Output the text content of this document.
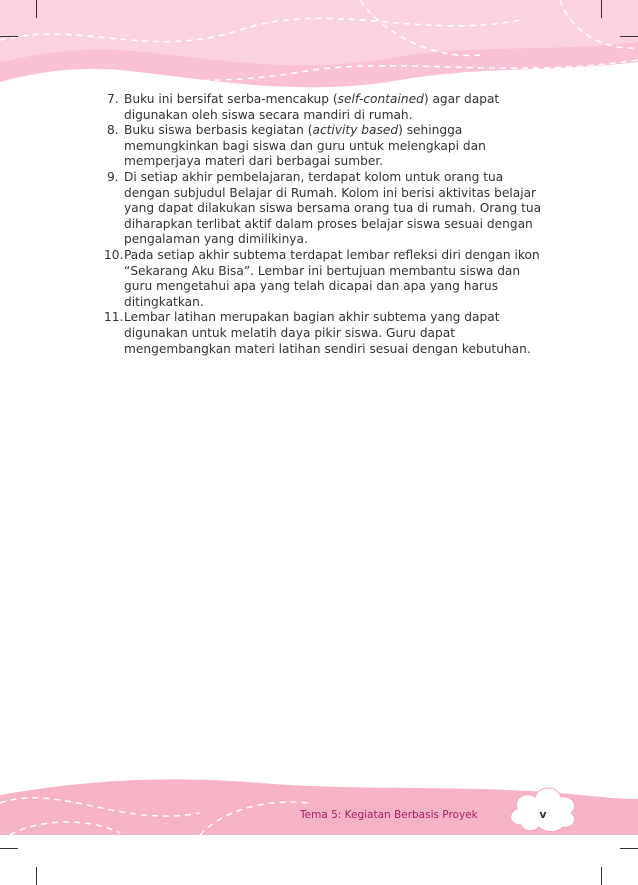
7. Buku ini bersifat serba-mencakup (self-contained) agar dapat digunakan oleh siswa secara mandiri di rumah.

8. Buku siswa berbasis kegiatan (activity based) sehingga memungkinkan bagi siswa dan guru untuk melengkapi dan memperjaya materi dari berbagai sumber.

9. Di setiap akhir pembelajaran, terdapat kolom untuk orang tua dengan subjudul Belajar di Rumah. Kolom ini berisi aktivitas belajar yang dapat dilakukan siswa bersama orang tua di rumah. Orang tua diharapkan terlibat aktif dalam proses belajar siswa sesuai dengan pengalaman yang dimilikinya.

10. Pada setiap akhir subtema terdapat lembar refleksi diri dengan ikon “Sekarang Aku Bisa”. Lembar ini bertujuan membantu siswa dan guru mengetahui apa yang telah dicapai dan apa yang harus ditingkatkan.

11. Lembar latihan merupakan bagian akhir subtema yang dapat digunakan untuk melatih daya pikir siswa. Guru dapat mengembangkan materi latihan sendiri sesuai dengan kebutuhan.

Tema 5: Kegiatan Berbasis Proyek	v
